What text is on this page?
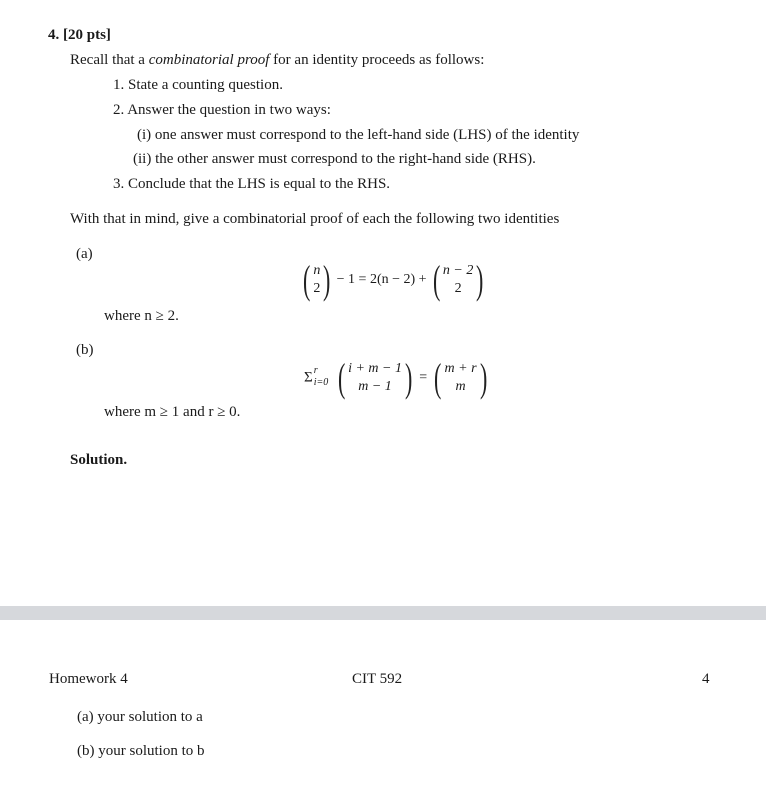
4. [20 pts]
Recall that a combinatorial proof for an identity proceeds as follows:
1. State a counting question.
2. Answer the question in two ways:
(i) one answer must correspond to the left-hand side (LHS) of the identity
(ii) the other answer must correspond to the right-hand side (RHS).
3. Conclude that the LHS is equal to the RHS.
With that in mind, give a combinatorial proof of each the following two identities
(a)
( n
2 ) − 1 = 2(n − 2) + ( n − 2
2 )
where n ≥ 2.
(b)
Σ r
i=0 ( i + m − 1
m − 1 ) = ( m + r
m )
where m ≥ 1 and r ≥ 0.
Solution.
Homework 4	CIT 592	4
(a) your solution to a
(b) your solution to b
